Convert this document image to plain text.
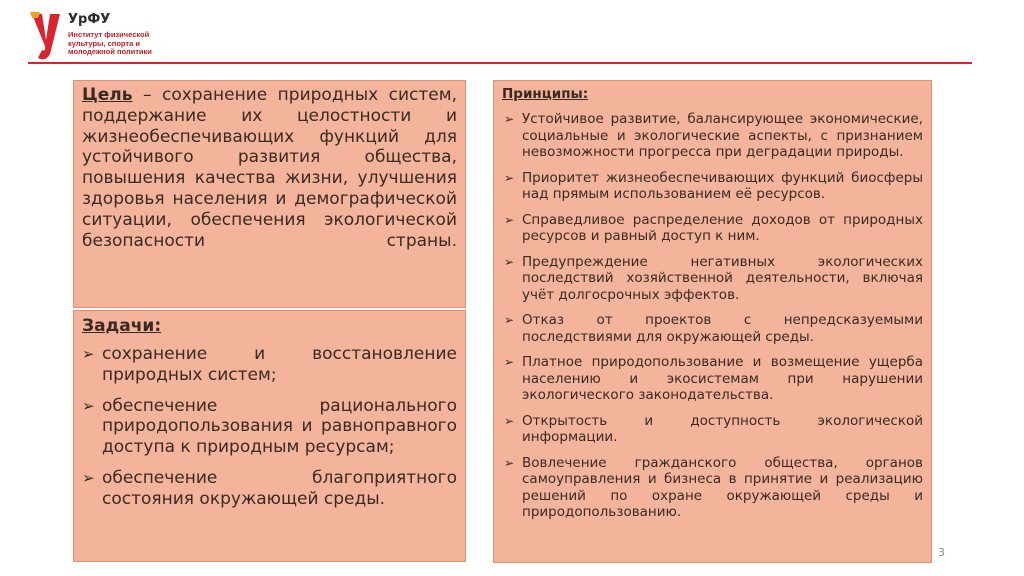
УрФУ
Институт физической культуры, спорта и молодежной политики

Цель – сохранение природных систем, поддержание их целостности и жизнеобеспечивающих функций для устойчивого развития общества, повышения качества жизни, улучшения здоровья населения и демографической ситуации, обеспечения экологической безопасности страны.

Задачи:
➢ сохранение и восстановление природных систем;
➢ обеспечение рационального природопользования и равноправного доступа к природным ресурсам;
➢ обеспечение благоприятного состояния окружающей среды.
Принципы:
➢ Устойчивое развитие, балансирующее экономические, социальные и экологические аспекты, с признанием невозможности прогресса при деградации природы.
➢ Приоритет жизнеобеспечивающих функций биосферы над прямым использованием её ресурсов.
➢ Справедливое распределение доходов от природных ресурсов и равный доступ к ним.
➢ Предупреждение негативных экологических последствий хозяйственной деятельности, включая учёт долгосрочных эффектов.
➢ Отказ от проектов с непредсказуемыми последствиями для окружающей среды.
➢ Платное природопользование и возмещение ущерба населению и экосистемам при нарушении экологического законодательства.
➢ Открытость и доступность экологической информации.
➢ Вовлечение гражданского общества, органов самоуправления и бизнеса в принятие и реализацию решений по охране окружающей среды и природопользованию.
3
